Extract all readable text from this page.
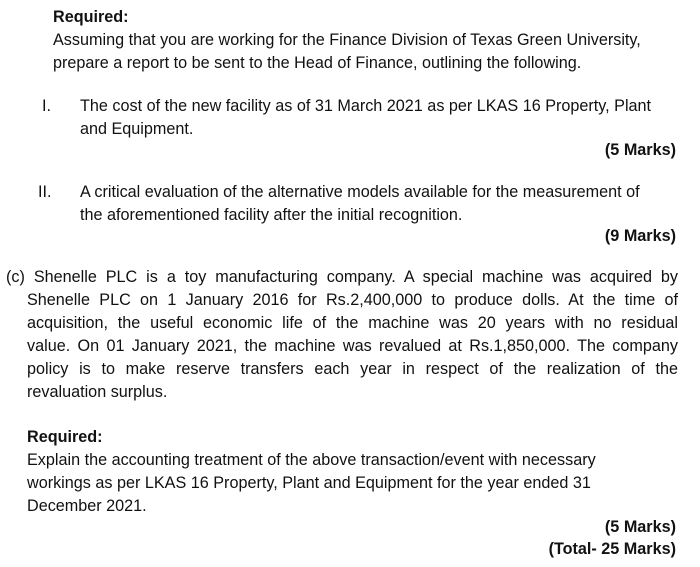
Required:
Assuming that you are working for the Finance Division of Texas Green University,
prepare a report to be sent to the Head of Finance, outlining the following.
I. The cost of the new facility as of 31 March 2021 as per LKAS 16 Property, Plant
and Equipment.
(5 Marks)
II. A critical evaluation of the alternative models available for the measurement of
the aforementioned facility after the initial recognition.
(9 Marks)
(c) Shenelle PLC is a toy manufacturing company. A special machine was acquired by
Shenelle PLC on 1 January 2016 for Rs.2,400,000 to produce dolls. At the time of
acquisition, the useful economic life of the machine was 20 years with no residual
value. On 01 January 2021, the machine was revalued at Rs.1,850,000. The company
policy is to make reserve transfers each year in respect of the realization of the
revaluation surplus.
Required:
Explain the accounting treatment of the above transaction/event with necessary
workings as per LKAS 16 Property, Plant and Equipment for the year ended 31
December 2021.
(5 Marks)
(Total- 25 Marks)
